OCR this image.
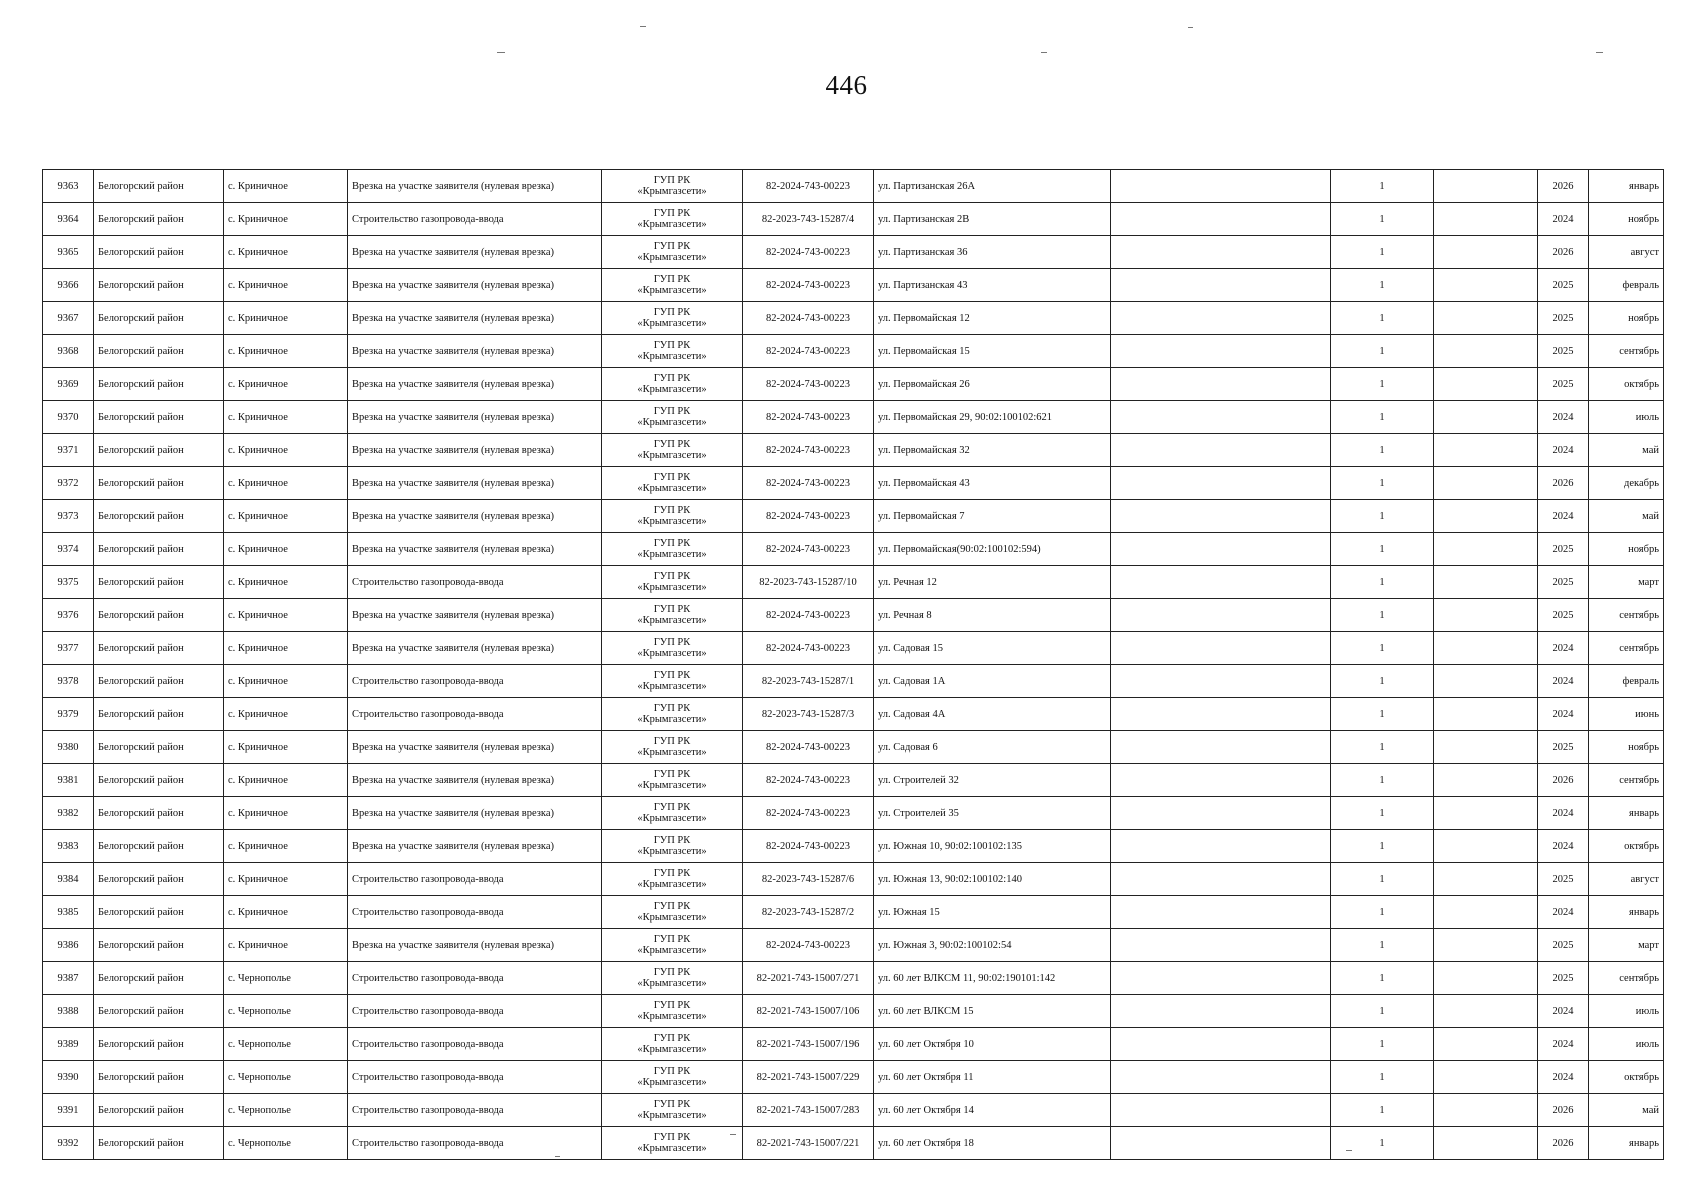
446
9363	Белогорский район	с. Криничное	Врезка на участке заявителя (нулевая врезка)	ГУП РК
«Крымгазсети»	82-2024-743-00223	ул. Партизанская 26А		1		2026	январь
9364	Белогорский район	с. Криничное	Строительство газопровода-ввода	ГУП РК
«Крымгазсети»	82-2023-743-15287/4	ул. Партизанская 2В		1		2024	ноябрь
9365	Белогорский район	с. Криничное	Врезка на участке заявителя (нулевая врезка)	ГУП РК
«Крымгазсети»	82-2024-743-00223	ул. Партизанская 36		1		2026	август
9366	Белогорский район	с. Криничное	Врезка на участке заявителя (нулевая врезка)	ГУП РК
«Крымгазсети»	82-2024-743-00223	ул. Партизанская 43		1		2025	февраль
9367	Белогорский район	с. Криничное	Врезка на участке заявителя (нулевая врезка)	ГУП РК
«Крымгазсети»	82-2024-743-00223	ул. Первомайская 12		1		2025	ноябрь
9368	Белогорский район	с. Криничное	Врезка на участке заявителя (нулевая врезка)	ГУП РК
«Крымгазсети»	82-2024-743-00223	ул. Первомайская 15		1		2025	сентябрь
9369	Белогорский район	с. Криничное	Врезка на участке заявителя (нулевая врезка)	ГУП РК
«Крымгазсети»	82-2024-743-00223	ул. Первомайская 26		1		2025	октябрь
9370	Белогорский район	с. Криничное	Врезка на участке заявителя (нулевая врезка)	ГУП РК
«Крымгазсети»	82-2024-743-00223	ул. Первомайская 29, 90:02:100102:621		1		2024	июль
9371	Белогорский район	с. Криничное	Врезка на участке заявителя (нулевая врезка)	ГУП РК
«Крымгазсети»	82-2024-743-00223	ул. Первомайская 32		1		2024	май
9372	Белогорский район	с. Криничное	Врезка на участке заявителя (нулевая врезка)	ГУП РК
«Крымгазсети»	82-2024-743-00223	ул. Первомайская 43		1		2026	декабрь
9373	Белогорский район	с. Криничное	Врезка на участке заявителя (нулевая врезка)	ГУП РК
«Крымгазсети»	82-2024-743-00223	ул. Первомайская 7		1		2024	май
9374	Белогорский район	с. Криничное	Врезка на участке заявителя (нулевая врезка)	ГУП РК
«Крымгазсети»	82-2024-743-00223	ул. Первомайская(90:02:100102:594)		1		2025	ноябрь
9375	Белогорский район	с. Криничное	Строительство газопровода-ввода	ГУП РК
«Крымгазсети»	82-2023-743-15287/10	ул. Речная 12		1		2025	март
9376	Белогорский район	с. Криничное	Врезка на участке заявителя (нулевая врезка)	ГУП РК
«Крымгазсети»	82-2024-743-00223	ул. Речная 8		1		2025	сентябрь
9377	Белогорский район	с. Криничное	Врезка на участке заявителя (нулевая врезка)	ГУП РК
«Крымгазсети»	82-2024-743-00223	ул. Садовая 15		1		2024	сентябрь
9378	Белогорский район	с. Криничное	Строительство газопровода-ввода	ГУП РК
«Крымгазсети»	82-2023-743-15287/1	ул. Садовая 1А		1		2024	февраль
9379	Белогорский район	с. Криничное	Строительство газопровода-ввода	ГУП РК
«Крымгазсети»	82-2023-743-15287/3	ул. Садовая 4А		1		2024	июнь
9380	Белогорский район	с. Криничное	Врезка на участке заявителя (нулевая врезка)	ГУП РК
«Крымгазсети»	82-2024-743-00223	ул. Садовая 6		1		2025	ноябрь
9381	Белогорский район	с. Криничное	Врезка на участке заявителя (нулевая врезка)	ГУП РК
«Крымгазсети»	82-2024-743-00223	ул. Строителей 32		1		2026	сентябрь
9382	Белогорский район	с. Криничное	Врезка на участке заявителя (нулевая врезка)	ГУП РК
«Крымгазсети»	82-2024-743-00223	ул. Строителей 35		1		2024	январь
9383	Белогорский район	с. Криничное	Врезка на участке заявителя (нулевая врезка)	ГУП РК
«Крымгазсети»	82-2024-743-00223	ул. Южная 10, 90:02:100102:135		1		2024	октябрь
9384	Белогорский район	с. Криничное	Строительство газопровода-ввода	ГУП РК
«Крымгазсети»	82-2023-743-15287/6	ул. Южная 13, 90:02:100102:140		1		2025	август
9385	Белогорский район	с. Криничное	Строительство газопровода-ввода	ГУП РК
«Крымгазсети»	82-2023-743-15287/2	ул. Южная 15		1		2024	январь
9386	Белогорский район	с. Криничное	Врезка на участке заявителя (нулевая врезка)	ГУП РК
«Крымгазсети»	82-2024-743-00223	ул. Южная 3, 90:02:100102:54		1		2025	март
9387	Белогорский район	с. Чернополье	Строительство газопровода-ввода	ГУП РК
«Крымгазсети»	82-2021-743-15007/271	ул. 60 лет ВЛКСМ 11, 90:02:190101:142		1		2025	сентябрь
9388	Белогорский район	с. Чернополье	Строительство газопровода-ввода	ГУП РК
«Крымгазсети»	82-2021-743-15007/106	ул. 60 лет ВЛКСМ 15		1		2024	июль
9389	Белогорский район	с. Чернополье	Строительство газопровода-ввода	ГУП РК
«Крымгазсети»	82-2021-743-15007/196	ул. 60 лет Октября 10		1		2024	июль
9390	Белогорский район	с. Чернополье	Строительство газопровода-ввода	ГУП РК
«Крымгазсети»	82-2021-743-15007/229	ул. 60 лет Октября 11		1		2024	октябрь
9391	Белогорский район	с. Чернополье	Строительство газопровода-ввода	ГУП РК
«Крымгазсети»	82-2021-743-15007/283	ул. 60 лет Октября 14		1		2026	май
9392	Белогорский район	с. Чернополье	Строительство газопровода-ввода	ГУП РК
«Крымгазсети»	82-2021-743-15007/221	ул. 60 лет Октября 18		1		2026	январь
